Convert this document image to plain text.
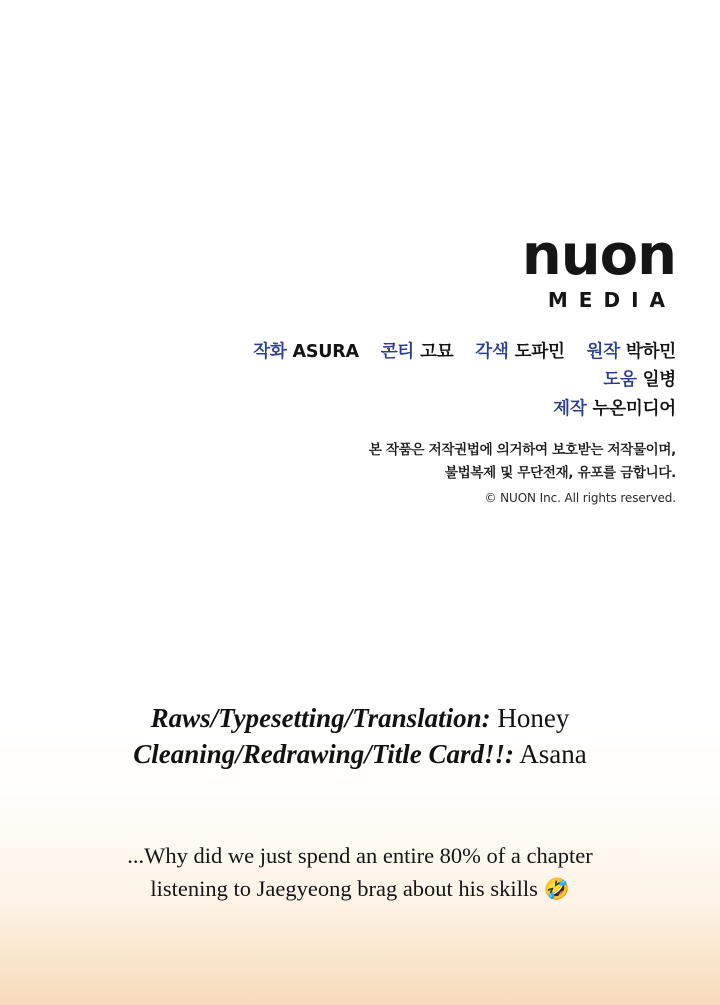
nuon
MEDIA
작화 ASURA 콘티 고묘 각색 도파민 원작 박하민
도움 일병
제작 누온미디어
본 작품은 저작권법에 의거하여 보호받는 저작물이며,
불법복제 및 무단전재, 유포를 금합니다.
© NUON Inc. All rights reserved.
Raws/Typesetting/Translation: Honey
Cleaning/Redrawing/Title Card!!: Asana
...Why did we just spend an entire 80% of a chapter
listening to Jaegyeong brag about his skills 🤣
